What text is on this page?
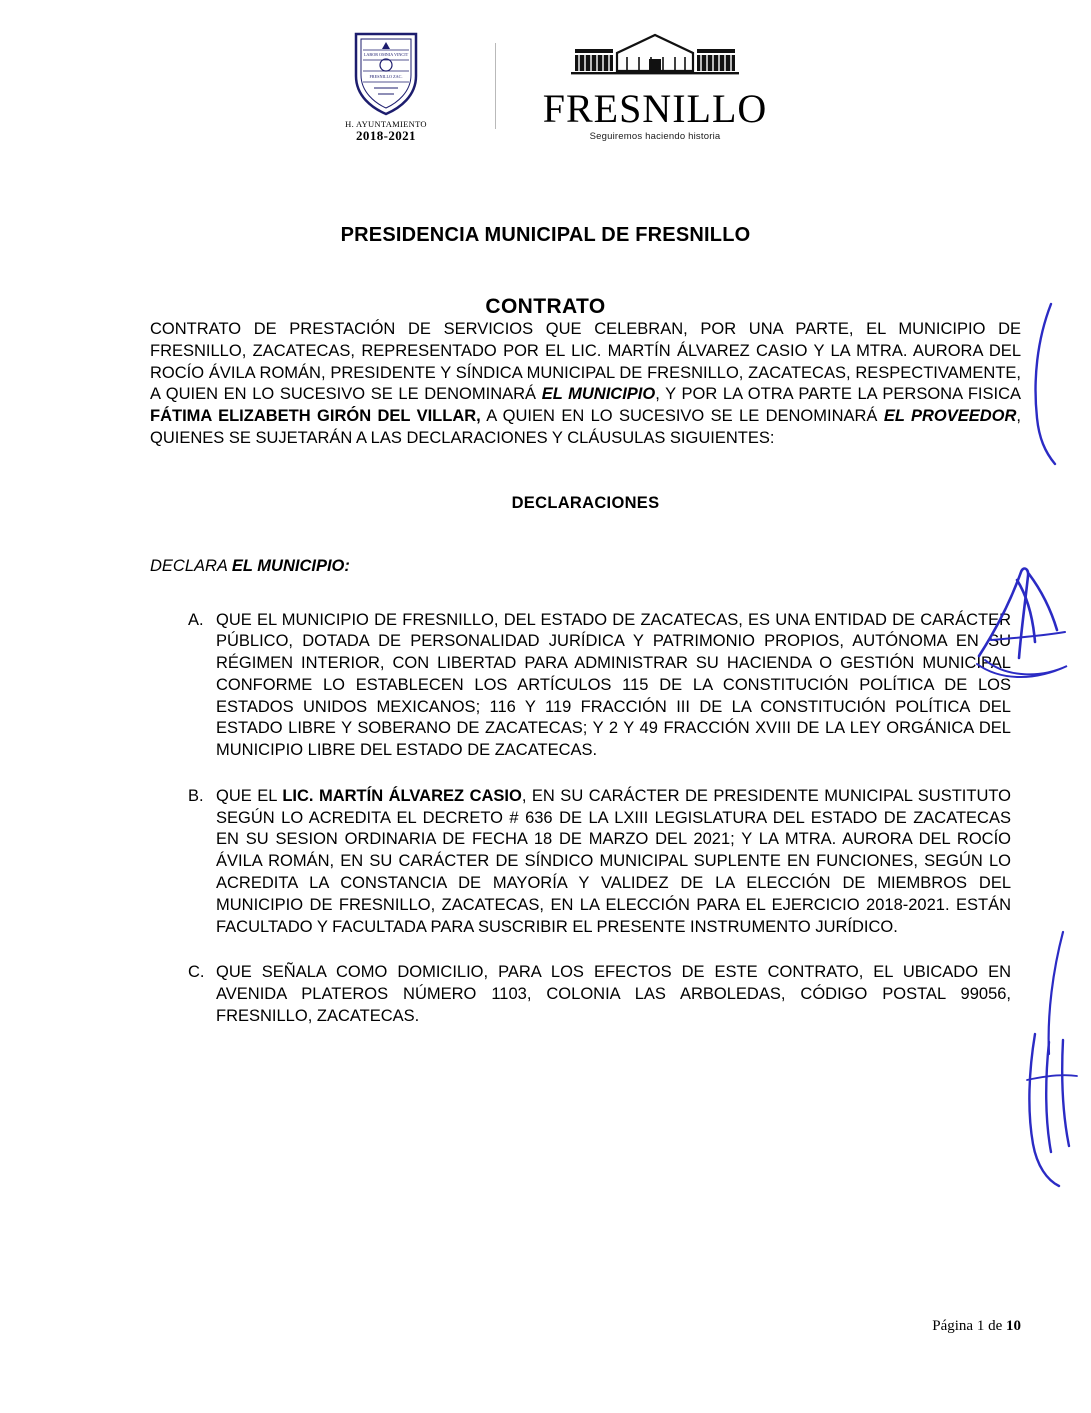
LABOR OMNIA VINCIT
FRESNILLO ZAC.
H. AYUNTAMIENTO
2018-2021
FRESNILLO
Seguiremos haciendo historia
PRESIDENCIA MUNICIPAL DE FRESNILLO
CONTRATO

CONTRATO DE PRESTACIÓN DE SERVICIOS QUE CELEBRAN, POR UNA PARTE, EL MUNICIPIO DE FRESNILLO, ZACATECAS, REPRESENTADO POR EL LIC. MARTÍN ÁLVAREZ CASIO Y LA MTRA. AURORA DEL ROCÍO ÁVILA ROMÁN, PRESIDENTE Y SÍNDICA MUNICIPAL DE FRESNILLO, ZACATECAS, RESPECTIVAMENTE, A QUIEN EN LO SUCESIVO SE LE DENOMINARÁ EL MUNICIPIO, Y POR LA OTRA PARTE LA PERSONA FISICA FÁTIMA ELIZABETH GIRÓN DEL VILLAR, A QUIEN EN LO SUCESIVO SE LE DENOMINARÁ EL PROVEEDOR, QUIENES SE SUJETARÁN A LAS DECLARACIONES Y CLÁUSULAS SIGUIENTES:

DECLARACIONES
DECLARA EL MUNICIPIO:
A. QUE EL MUNICIPIO DE FRESNILLO, DEL ESTADO DE ZACATECAS, ES UNA ENTIDAD DE CARÁCTER PÚBLICO, DOTADA DE PERSONALIDAD JURÍDICA Y PATRIMONIO PROPIOS, AUTÓNOMA EN SU RÉGIMEN INTERIOR, CON LIBERTAD PARA ADMINISTRAR SU HACIENDA O GESTIÓN MUNICIPAL CONFORME LO ESTABLECEN LOS ARTÍCULOS 115 DE LA CONSTITUCIÓN POLÍTICA DE LOS ESTADOS UNIDOS MEXICANOS; 116 Y 119 FRACCIÓN III DE LA CONSTITUCIÓN POLÍTICA DEL ESTADO LIBRE Y SOBERANO DE ZACATECAS; Y 2 Y 49 FRACCIÓN XVIII DE LA LEY ORGÁNICA DEL MUNICIPIO LIBRE DEL ESTADO DE ZACATECAS.
B. QUE EL LIC. MARTÍN ÁLVAREZ CASIO, EN SU CARÁCTER DE PRESIDENTE MUNICIPAL SUSTITUTO SEGÚN LO ACREDITA EL DECRETO # 636 DE LA LXIII LEGISLATURA DEL ESTADO DE ZACATECAS EN SU SESION ORDINARIA DE FECHA 18 DE MARZO DEL 2021; Y LA MTRA. AURORA DEL ROCÍO ÁVILA ROMÁN, EN SU CARÁCTER DE SÍNDICO MUNICIPAL SUPLENTE EN FUNCIONES, SEGÚN LO ACREDITA LA CONSTANCIA DE MAYORÍA Y VALIDEZ DE LA ELECCIÓN DE MIEMBROS DEL MUNICIPIO DE FRESNILLO, ZACATECAS, EN LA ELECCIÓN PARA EL EJERCICIO 2018-2021. ESTÁN FACULTADO Y FACULTADA PARA SUSCRIBIR EL PRESENTE INSTRUMENTO JURÍDICO.
C. QUE SEÑALA COMO DOMICILIO, PARA LOS EFECTOS DE ESTE CONTRATO, EL UBICADO EN AVENIDA PLATEROS NÚMERO 1103, COLONIA LAS ARBOLEDAS, CÓDIGO POSTAL 99056, FRESNILLO, ZACATECAS.
Página 1 de 10
